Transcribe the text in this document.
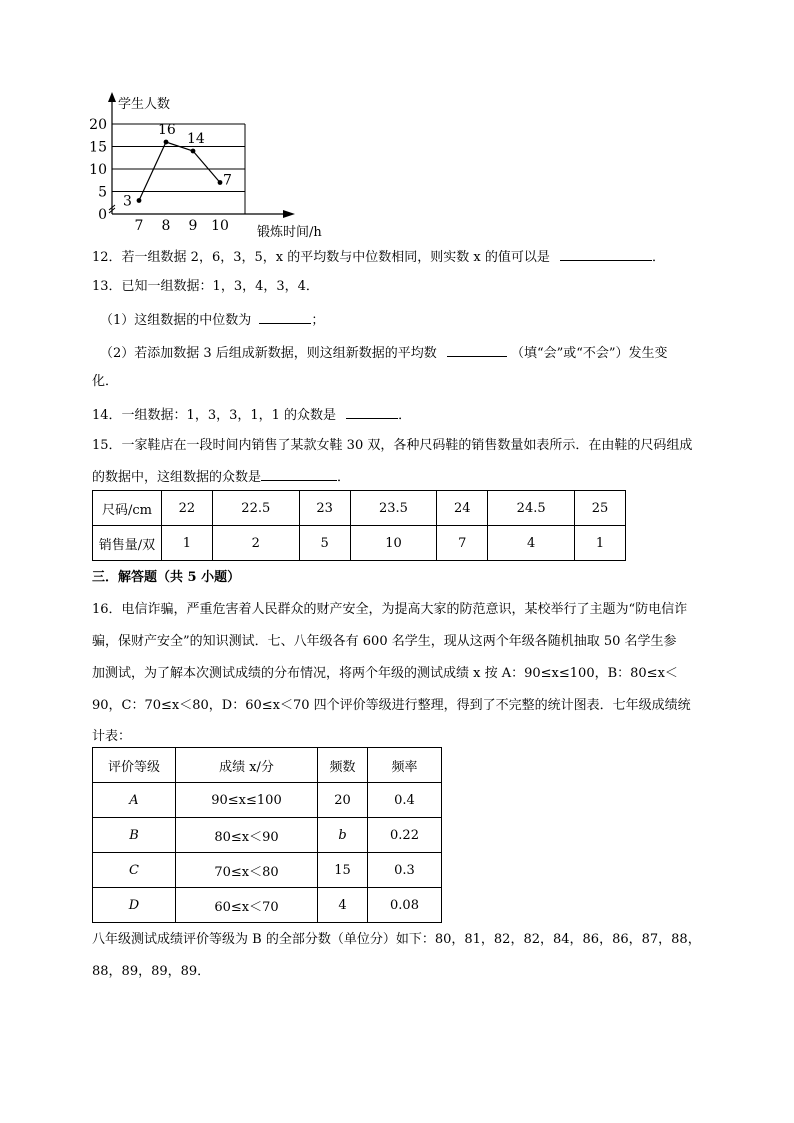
0
5
10
15
20
学生人数
锻炼时间/h
7 8 9 10
3
16
14
7
12．若一组数据 2，6，3，5，x 的平均数与中位数相同，则实数 x 的值可以是	．
13．已知一组数据：1，3，4，3，4．
（1）这组数据的中位数为	；
（2）若添加数据 3 后组成新数据，则这组新数据的平均数	（填“会”或“不会”）发生变
化．
14．一组数据：1，3，3，1，1 的众数是	．
15．一家鞋店在一段时间内销售了某款女鞋 30 双，各种尺码鞋的销售数量如表所示．在由鞋的尺码组成
的数据中，这组数据的众数是	．
尺码/cm	22	22.5	23	23.5	24	24.5	25
销售量/双	1	2	5	10	7	4	1
三．解答题（共 5 小题）
16．电信诈骗，严重危害着人民群众的财产安全，为提高大家的防范意识，某校举行了主题为“防电信诈
骗，保财产安全”的知识测试．七、八年级各有 600 名学生，现从这两个年级各随机抽取 50 名学生参
加测试，为了解本次测试成绩的分布情况，将两个年级的测试成绩 x 按 A：90≤x≤100，B：80≤x＜
90，C：70≤x＜80，D：60≤x＜70 四个评价等级进行整理，得到了不完整的统计图表．七年级成绩统
计表：
评价等级	成绩 x/分	频数	频率
A	90≤x≤100	20	0.4
B	80≤x＜90	b	0.22
C	70≤x＜80	15	0.3
D	60≤x＜70	4	0.08
八年级测试成绩评价等级为 B 的全部分数（单位分）如下：80，81，82，82，84，86，86，87，88，
88，89，89，89．
